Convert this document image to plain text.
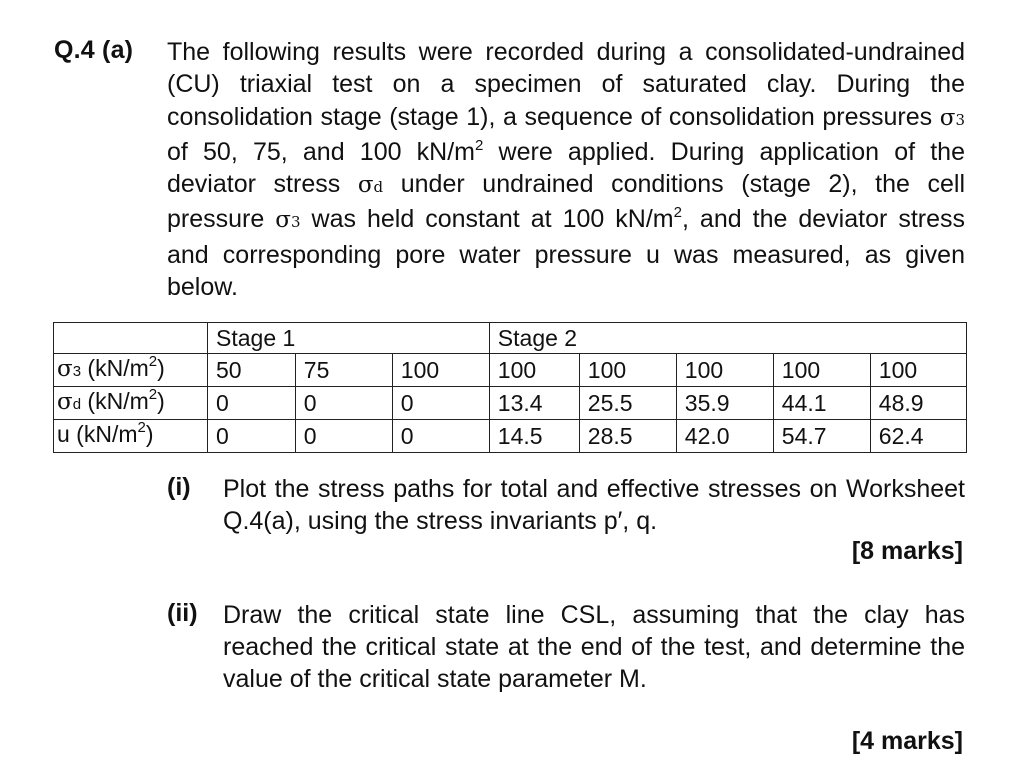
Q.4 (a) The following results were recorded during a consolidated-undrained (CU) triaxial test on a specimen of saturated clay. During the consolidation stage (stage 1), a sequence of consolidation pressures σ3 of 50, 75, and 100 $kN/m^2$ were applied. During application of the deviator stress σd under undrained conditions (stage 2), the cell pressure σ3 was held constant at 100 $kN/m^2$, and the deviator stress and corresponding pore water pressure u was measured, as given below.
	Stage 1			Stage 2				
σ3 $(kN/m^2)$	50	75	100	100	100	100	100	100
σd $(kN/m^2)$	0	0	0	13.4	25.5	35.9	44.1	48.9
u $(kN/m^2)$	0	0	0	14.5	28.5	42.0	54.7	62.4
(i) Plot the stress paths for total and effective stresses on Worksheet Q.4(a), using the stress invariants p′, q.
[8 marks]
(ii) Draw the critical state line CSL, assuming that the clay has reached the critical state at the end of the test, and determine the value of the critical state parameter M.
[4 marks]
